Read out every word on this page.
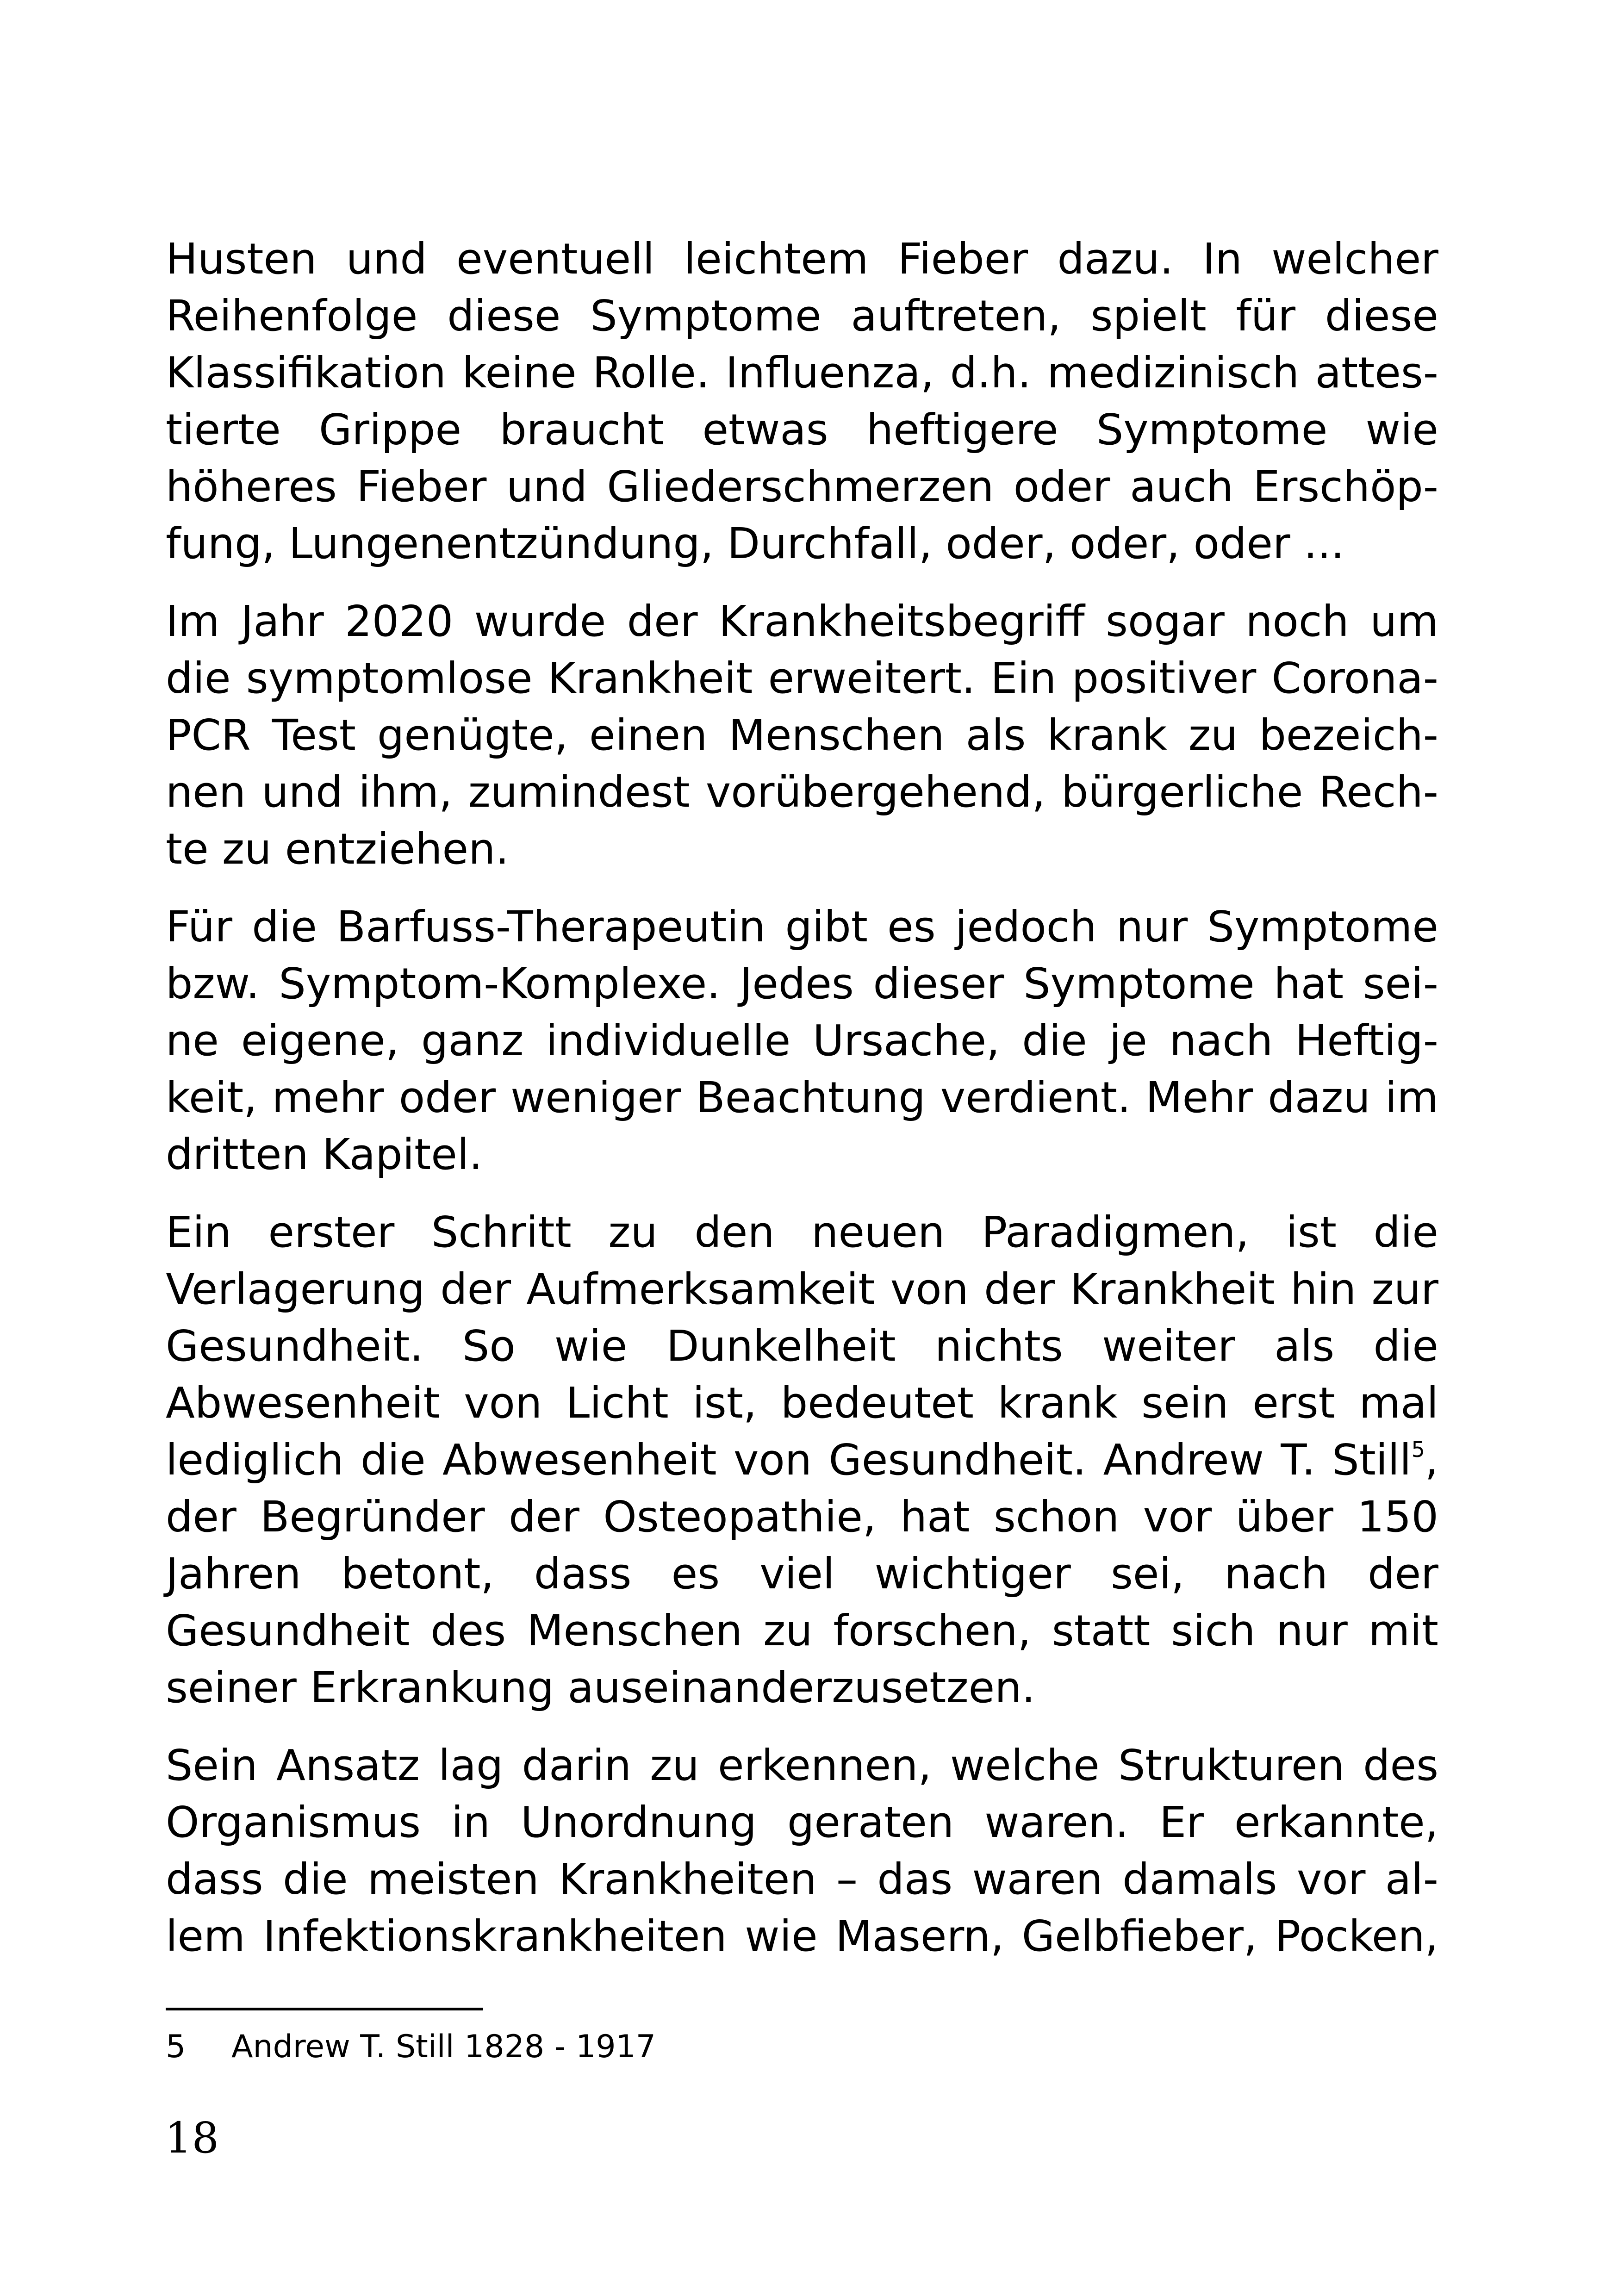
Husten und eventuell leichtem Fieber dazu. In welcher Reihenfolge diese Symptome auftreten, spielt für diese Klassifikation keine Rolle. Influenza, d.h. medizinisch attestierte Grippe braucht etwas heftigere Symptome wie höheres Fieber und Gliederschmerzen oder auch Erschöpfung, Lungenentzündung, Durchfall, oder, oder, oder ...

Im Jahr 2020 wurde der Krankheitsbegriff sogar noch um die symptomlose Krankheit erweitert. Ein positiver Corona-PCR Test genügte, einen Menschen als krank zu bezeichnen und ihm, zumindest vorübergehend, bürgerliche Rechte zu entziehen.

Für die Barfuss-Therapeutin gibt es jedoch nur Symptome bzw. Symptom-Komplexe. Jedes dieser Symptome hat seine eigene, ganz individuelle Ursache, die je nach Heftigkeit, mehr oder weniger Beachtung verdient. Mehr dazu im dritten Kapitel.

Ein erster Schritt zu den neuen Paradigmen, ist die Verlagerung der Aufmerksamkeit von der Krankheit hin zur Gesundheit. So wie Dunkelheit nichts weiter als die Abwesenheit von Licht ist, bedeutet krank sein erst mal lediglich die Abwesenheit von Gesundheit. Andrew T. Still$^5$, der Begründer der Osteopathie, hat schon vor über 150 Jahren betont, dass es viel wichtiger sei, nach der Gesundheit des Menschen zu forschen, statt sich nur mit seiner Erkrankung auseinanderzusetzen.

Sein Ansatz lag darin zu erkennen, welche Strukturen des Organismus in Unordnung geraten waren. Er erkannte, dass die meisten Krankheiten – das waren damals vor allem Infektionskrankheiten wie Masern, Gelbfieber, Pocken,

5 Andrew T. Still 1828 - 1917
18
